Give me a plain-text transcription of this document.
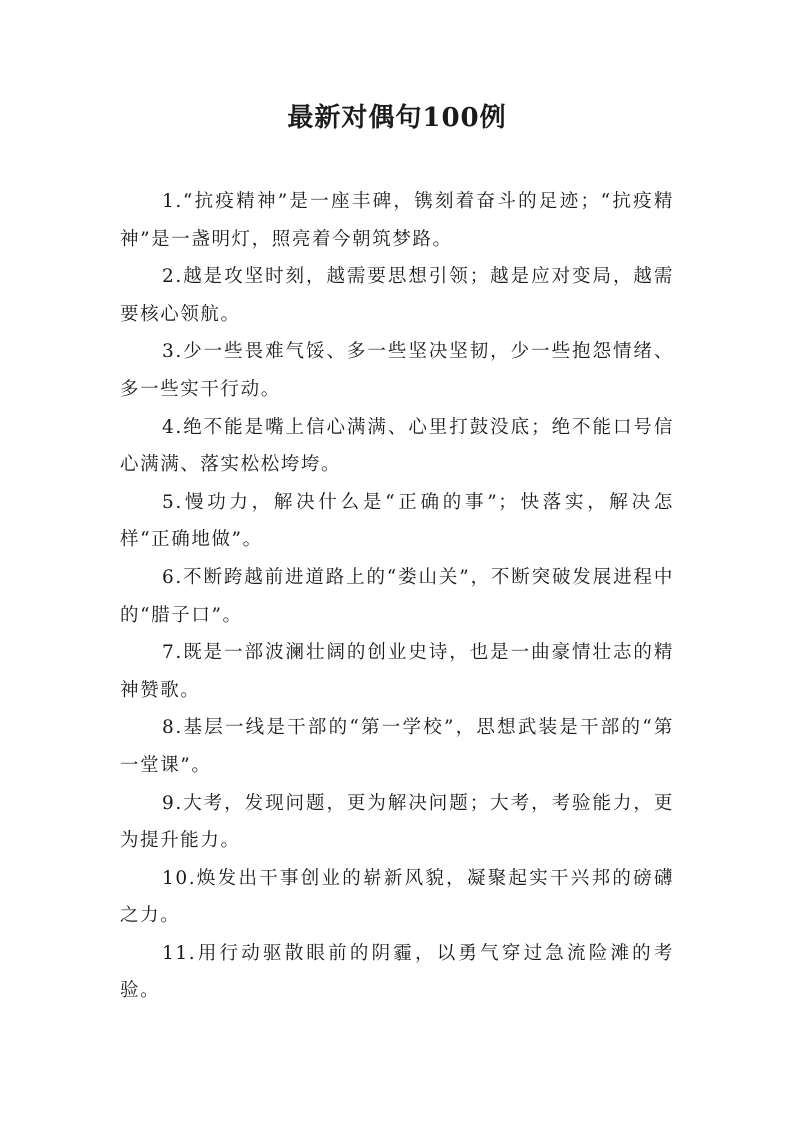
最新对偶句100例

1.“抗疫精神”是一座丰碑，镌刻着奋斗的足迹；“抗疫精神”是一盏明灯，照亮着今朝筑梦路。

2.越是攻坚时刻，越需要思想引领；越是应对变局，越需要核心领航。

3.少一些畏难气馁、多一些坚决坚韧，少一些抱怨情绪、多一些实干行动。

4.绝不能是嘴上信心满满、心里打鼓没底；绝不能口号信心满满、落实松松垮垮。

5.慢功力，解决什么是“正确的事”；快落实，解决怎样“正确地做”。

6.不断跨越前进道路上的“娄山关”，不断突破发展进程中的“腊子口”。

7.既是一部波澜壮阔的创业史诗，也是一曲豪情壮志的精神赞歌。

8.基层一线是干部的“第一学校”，思想武装是干部的“第一堂课”。

9.大考，发现问题，更为解决问题；大考，考验能力，更为提升能力。

10.焕发出干事创业的崭新风貌，凝聚起实干兴邦的磅礴之力。

11.用行动驱散眼前的阴霾，以勇气穿过急流险滩的考验。
